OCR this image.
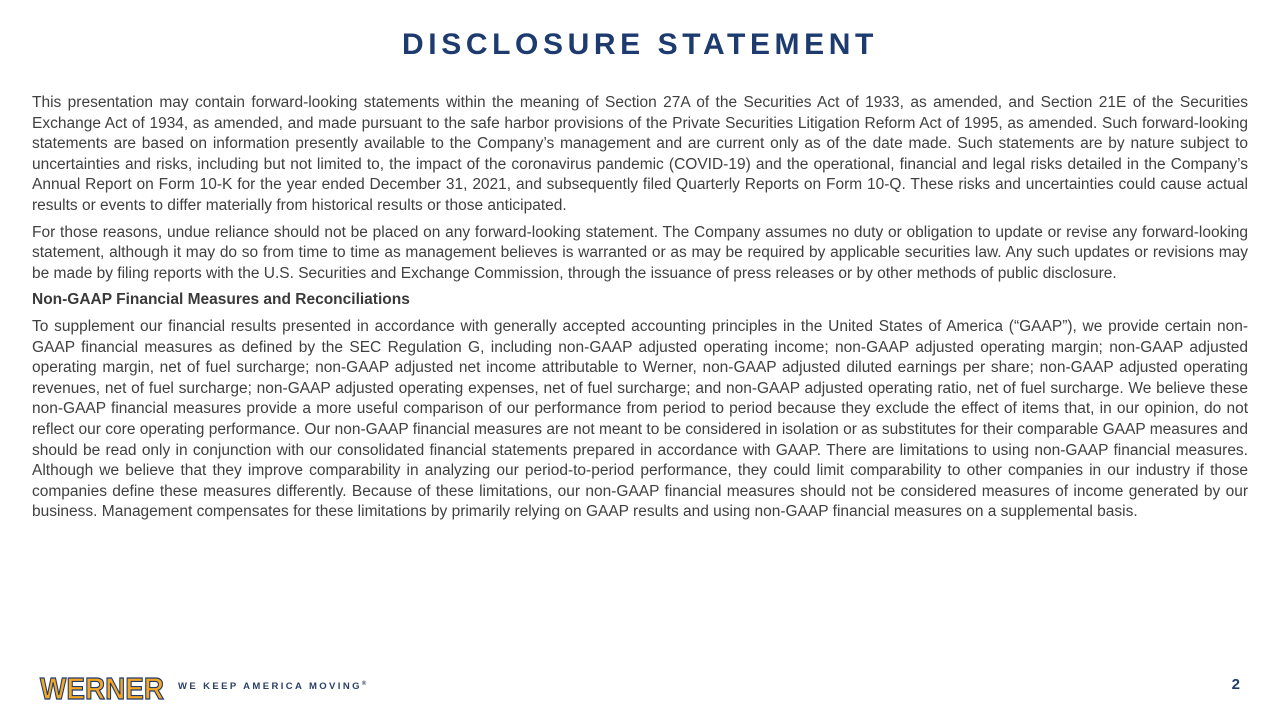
DISCLOSURE STATEMENT

This presentation may contain forward-looking statements within the meaning of Section 27A of the Securities Act of 1933, as amended, and Section 21E of the Securities Exchange Act of 1934, as amended, and made pursuant to the safe harbor provisions of the Private Securities Litigation Reform Act of 1995, as amended. Such forward-looking statements are based on information presently available to the Company’s management and are current only as of the date made. Such statements are by nature subject to uncertainties and risks, including but not limited to, the impact of the coronavirus pandemic (COVID-19) and the operational, financial and legal risks detailed in the Company’s Annual Report on Form 10-K for the year ended December 31, 2021, and subsequently filed Quarterly Reports on Form 10-Q. These risks and uncertainties could cause actual results or events to differ materially from historical results or those anticipated.

For those reasons, undue reliance should not be placed on any forward-looking statement. The Company assumes no duty or obligation to update or revise any forward-looking statement, although it may do so from time to time as management believes is warranted or as may be required by applicable securities law. Any such updates or revisions may be made by filing reports with the U.S. Securities and Exchange Commission, through the issuance of press releases or by other methods of public disclosure.

Non-GAAP Financial Measures and Reconciliations

To supplement our financial results presented in accordance with generally accepted accounting principles in the United States of America (“GAAP”), we provide certain non-GAAP financial measures as defined by the SEC Regulation G, including non-GAAP adjusted operating income; non-GAAP adjusted operating margin; non-GAAP adjusted operating margin, net of fuel surcharge; non-GAAP adjusted net income attributable to Werner, non-GAAP adjusted diluted earnings per share; non-GAAP adjusted operating revenues, net of fuel surcharge; non-GAAP adjusted operating expenses, net of fuel surcharge; and non-GAAP adjusted operating ratio, net of fuel surcharge. We believe these non-GAAP financial measures provide a more useful comparison of our performance from period to period because they exclude the effect of items that, in our opinion, do not reflect our core operating performance. Our non-GAAP financial measures are not meant to be considered in isolation or as substitutes for their comparable GAAP measures and should be read only in conjunction with our consolidated financial statements prepared in accordance with GAAP. There are limitations to using non-GAAP financial measures. Although we believe that they improve comparability in analyzing our period-to-period performance, they could limit comparability to other companies in our industry if those companies define these measures differently. Because of these limitations, our non-GAAP financial measures should not be considered measures of income generated by our business. Management compensates for these limitations by primarily relying on GAAP results and using non-GAAP financial measures on a supplemental basis.

WERNER WE KEEP AMERICA MOVING®	2
